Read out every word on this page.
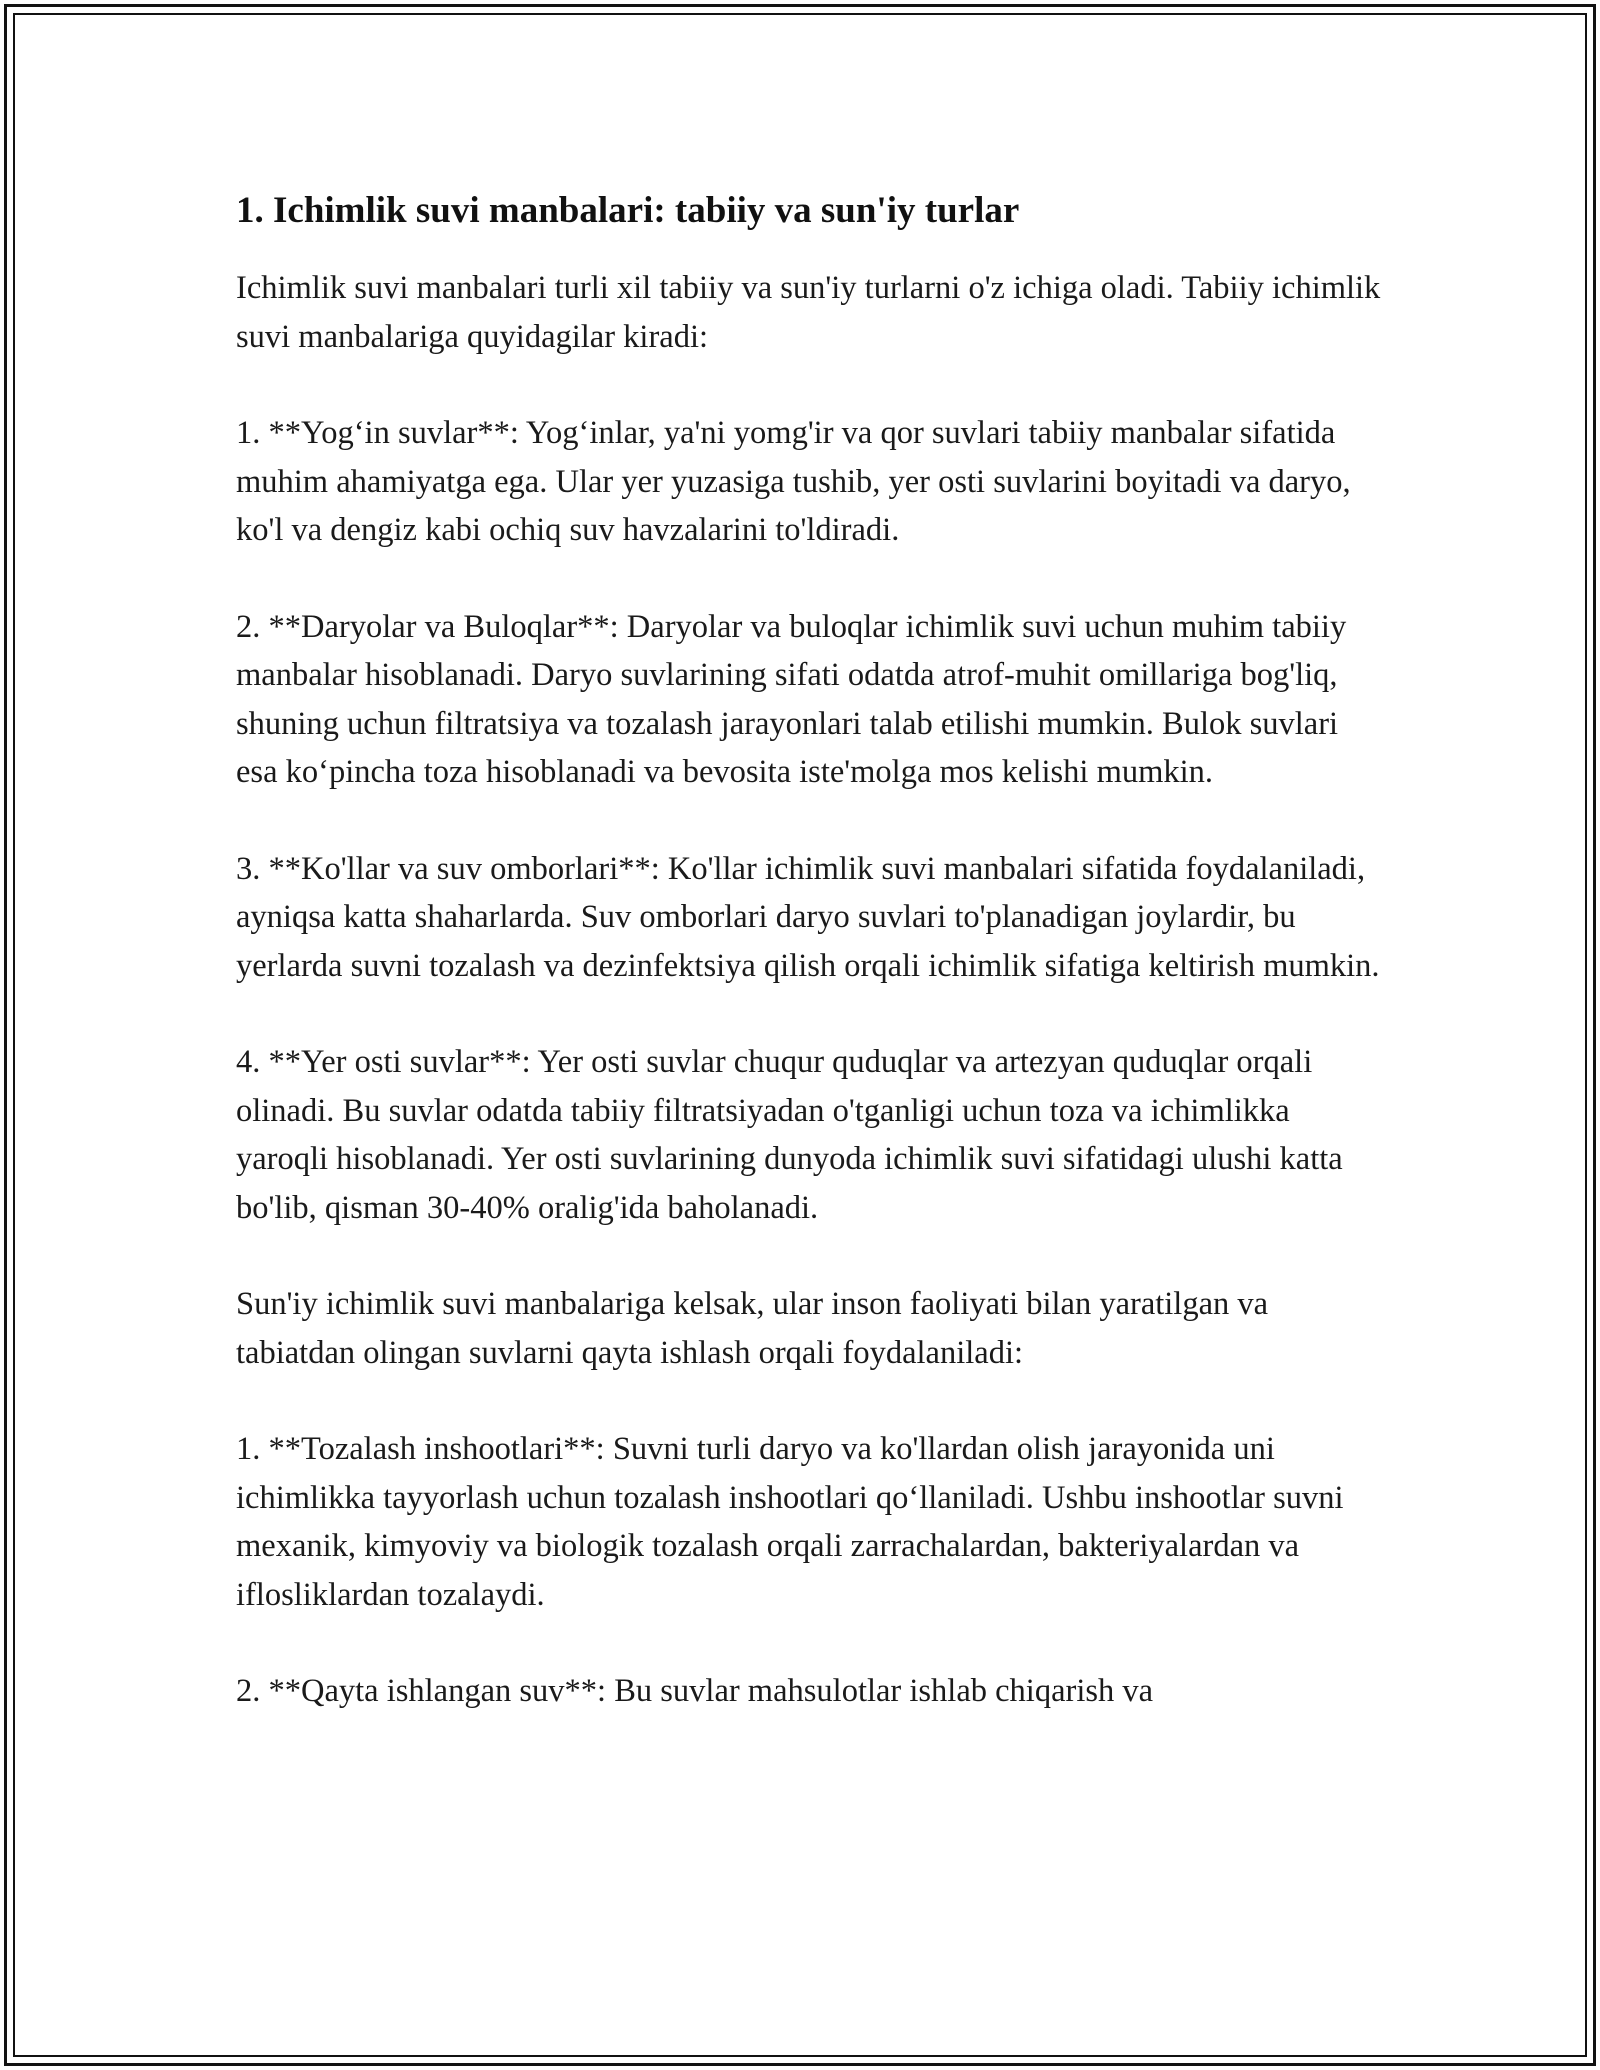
1. Ichimlik suvi manbalari: tabiiy va sun'iy turlar

Ichimlik suvi manbalari turli xil tabiiy va sun'iy turlarni o'z ichiga oladi. Tabiiy ichimlik suvi manbalariga quyidagilar kiradi:

1. **Yog‘in suvlar**: Yog‘inlar, ya'ni yomg'ir va qor suvlari tabiiy manbalar sifatida muhim ahamiyatga ega. Ular yer yuzasiga tushib, yer osti suvlarini boyitadi va daryo, ko'l va dengiz kabi ochiq suv havzalarini to'ldiradi.

2. **Daryolar va Buloqlar**: Daryolar va buloqlar ichimlik suvi uchun muhim tabiiy manbalar hisoblanadi. Daryo suvlarining sifati odatda atrof-muhit omillariga bog'liq, shuning uchun filtratsiya va tozalash jarayonlari talab etilishi mumkin. Bulok suvlari esa ko‘pincha toza hisoblanadi va bevosita iste'molga mos kelishi mumkin.

3. **Ko'llar va suv omborlari**: Ko'llar ichimlik suvi manbalari sifatida foydalaniladi, ayniqsa katta shaharlarda. Suv omborlari daryo suvlari to'planadigan joylardir, bu yerlarda suvni tozalash va dezinfektsiya qilish orqali ichimlik sifatiga keltirish mumkin.

4. **Yer osti suvlar**: Yer osti suvlar chuqur quduqlar va artezyan quduqlar orqali olinadi. Bu suvlar odatda tabiiy filtratsiyadan o'tganligi uchun toza va ichimlikka yaroqli hisoblanadi. Yer osti suvlarining dunyoda ichimlik suvi sifatidagi ulushi katta bo'lib, qisman 30-40% oralig'ida baholanadi.

Sun'iy ichimlik suvi manbalariga kelsak, ular inson faoliyati bilan yaratilgan va tabiatdan olingan suvlarni qayta ishlash orqali foydalaniladi:

1. **Tozalash inshootlari**: Suvni turli daryo va ko'llardan olish jarayonida uni ichimlikka tayyorlash uchun tozalash inshootlari qo‘llaniladi. Ushbu inshootlar suvni mexanik, kimyoviy va biologik tozalash orqali zarrachalardan, bakteriyalardan va ifloslikl​ardan tozalaydi.

2. **Qayta ishlangan suv**: Bu suvlar mahsulotlar ishlab chiqarish va
